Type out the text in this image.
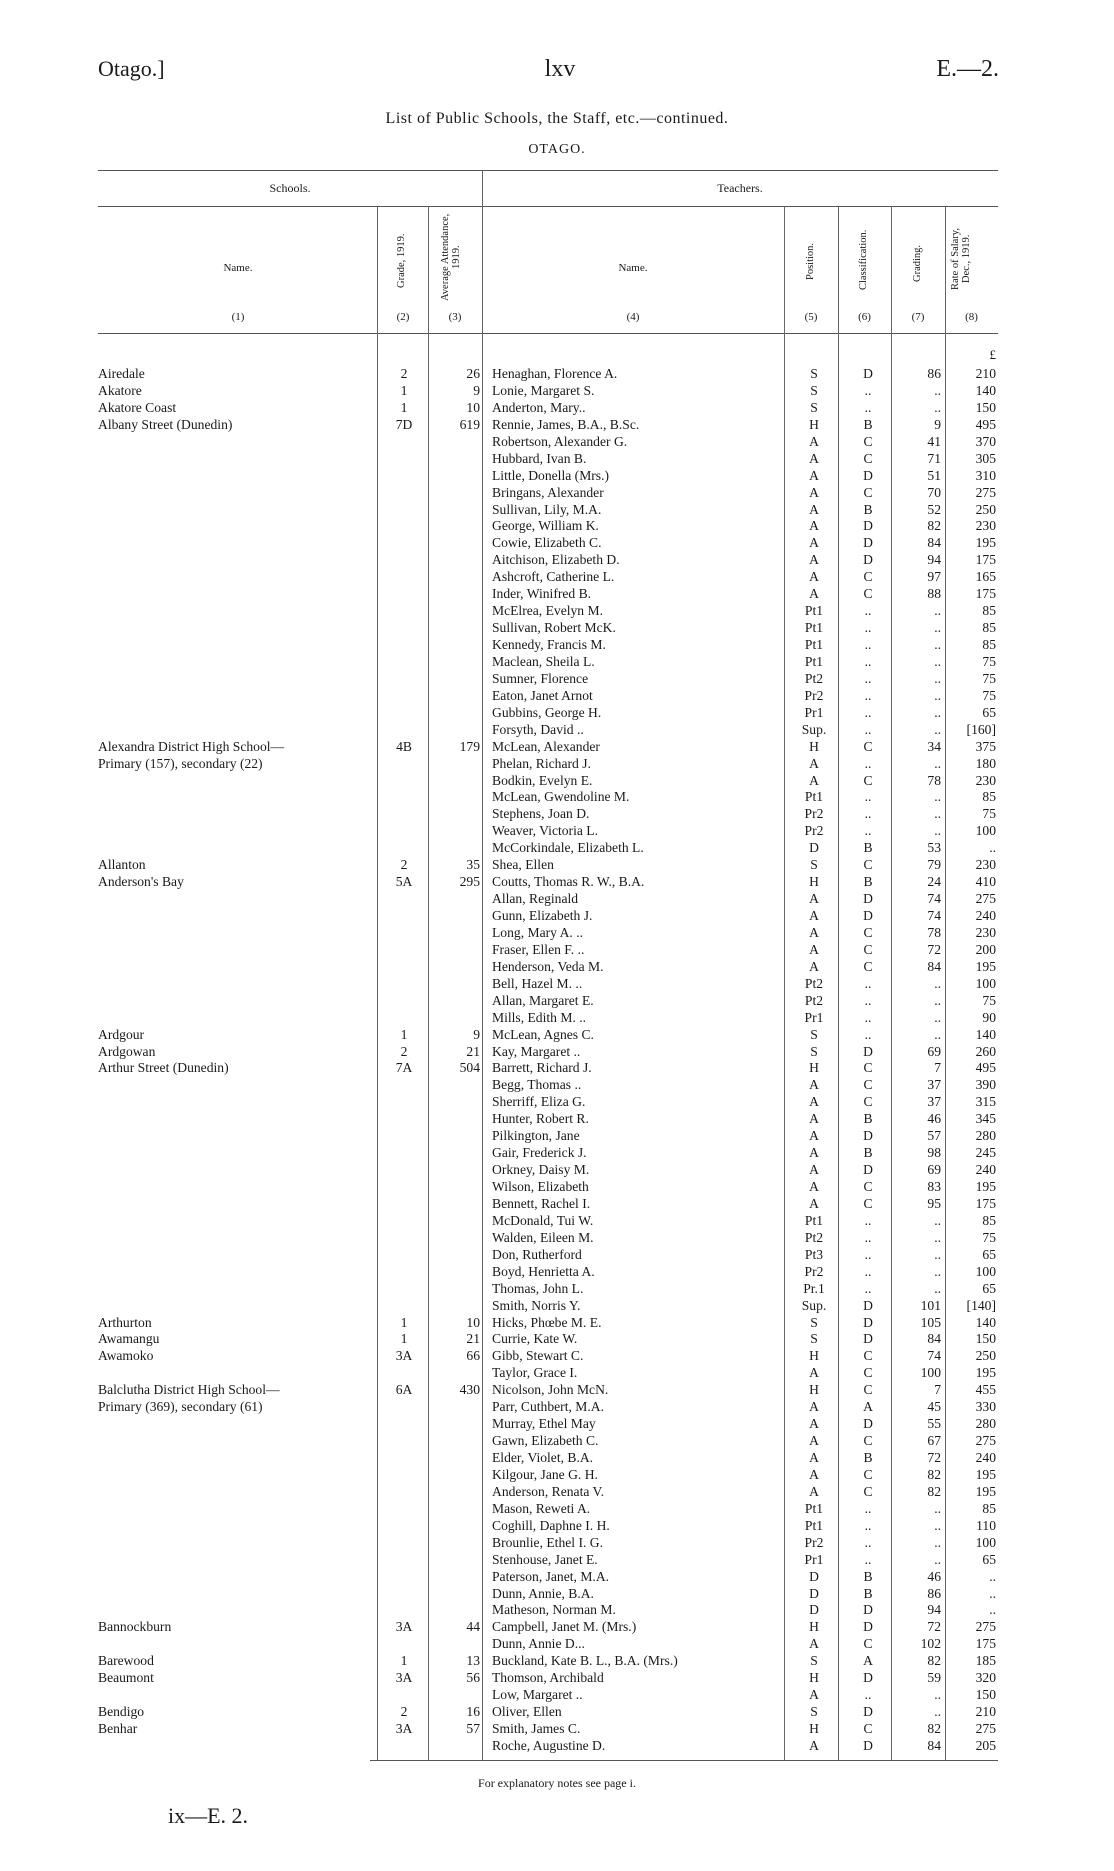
Otago.]	lxv	E.—2.
List of Public Schools, the Staff, etc.—continued.
OTAGO.
Schools.	Teachers.
Name.	Grade, 1919.	Average Attendance, 1919.	Name.	Position.	Classification.	Grading.	Rate of Salary, Dec., 1919.
(1)	(2)	(3)	(4)	(5)	(6)	(7)	(8)
£
Airedale	2	26 Henaghan, Florence A.	S	D	86	210
Akatore	1	9 Lonie, Margaret S.	S	..	..	140
Akatore Coast	1	10 Anderton, Mary..	S	..	..	150
Albany Street (Dunedin)	7D	619 Rennie, James, B.A., B.Sc.	H	B	9	495
Robertson, Alexander G.	A	C	41	370
Hubbard, Ivan B.	A	C	71	305
Little, Donella (Mrs.)	A	D	51	310
Bringans, Alexander	A	C	70	275
Sullivan, Lily, M.A.	A	B	52	250
George, William K.	A	D	82	230
Cowie, Elizabeth C.	A	D	84	195
Aitchison, Elizabeth D.	A	D	94	175
Ashcroft, Catherine L.	A	C	97	165
Inder, Winifred B.	A	C	88	175
McElrea, Evelyn M.	Pt1	..	..	85
Sullivan, Robert McK.	Pt1	..	..	85
Kennedy, Francis M.	Pt1	..	..	85
Maclean, Sheila L.	Pt1	..	..	75
Sumner, Florence	Pt2	..	..	75
Eaton, Janet Arnot	Pr2	..	..	75
Gubbins, George H.	Pr1	..	..	65
Forsyth, David ..	Sup.	..	..	[160]
Alexandra District High School—	4B	179 McLean, Alexander	H	C	34	375
Primary (157), secondary (22)	Phelan, Richard J.	A	..	..	180
Bodkin, Evelyn E.	A	C	78	230
McLean, Gwendoline M.	Pt1	..	..	85
Stephens, Joan D.	Pr2	..	..	75
Weaver, Victoria L.	Pr2	..	..	100
McCorkindale, Elizabeth L.	D	B	53	..
Allanton	2	35 Shea, Ellen	S	C	79	230
Anderson's Bay	5A	295 Coutts, Thomas R. W., B.A.	H	B	24	410
Allan, Reginald	A	D	74	275
Gunn, Elizabeth J.	A	D	74	240
Long, Mary A. ..	A	C	78	230
Fraser, Ellen F. ..	A	C	72	200
Henderson, Veda M.	A	C	84	195
Bell, Hazel M. ..	Pt2	..	..	100
Allan, Margaret E.	Pt2	..	..	75
Mills, Edith M. ..	Pr1	..	..	90
Ardgour	1	9 McLean, Agnes C.	S	..	..	140
Ardgowan	2	21 Kay, Margaret ..	S	D	69	260
Arthur Street (Dunedin)	7A	504 Barrett, Richard J.	H	C	7	495
Begg, Thomas ..	A	C	37	390
Sherriff, Eliza G.	A	C	37	315
Hunter, Robert R.	A	B	46	345
Pilkington, Jane	A	D	57	280
Gair, Frederick J.	A	B	98	245
Orkney, Daisy M.	A	D	69	240
Wilson, Elizabeth	A	C	83	195
Bennett, Rachel I.	A	C	95	175
McDonald, Tui W.	Pt1	..	..	85
Walden, Eileen M.	Pt2	..	..	75
Don, Rutherford	Pt3	..	..	65
Boyd, Henrietta A.	Pr2	..	..	100
Thomas, John L.	Pr.1	..	..	65
Smith, Norris Y.	Sup.	D	101	[140]
Arthurton	1	10 Hicks, Phœbe M. E.	S	D	105	140
Awamangu	1	21 Currie, Kate W.	S	D	84	150
Awamoko	3A	66 Gibb, Stewart C.	H	C	74	250
Taylor, Grace I.	A	C	100	195
Balclutha District High School—	6A	430 Nicolson, John McN.	H	C	7	455
Primary (369), secondary (61)	Parr, Cuthbert, M.A.	A	A	45	330
Murray, Ethel May	A	D	55	280
Gawn, Elizabeth C.	A	C	67	275
Elder, Violet, B.A.	A	B	72	240
Kilgour, Jane G. H.	A	C	82	195
Anderson, Renata V.	A	C	82	195
Mason, Reweti A.	Pt1	..	..	85
Coghill, Daphne I. H.	Pt1	..	..	110
Brounlie, Ethel I. G.	Pr2	..	..	100
Stenhouse, Janet E.	Pr1	..	..	65
Paterson, Janet, M.A.	D	B	46	..
Dunn, Annie, B.A.	D	B	86	..
Matheson, Norman M.	D	D	94	..
Bannockburn	3A	44 Campbell, Janet M. (Mrs.)	H	D	72	275
Dunn, Annie D...	A	C	102	175
Barewood	1	13 Buckland, Kate B. L., B.A. (Mrs.)	S	A	82	185
Beaumont	3A	56 Thomson, Archibald	H	D	59	320
Low, Margaret ..	A	..	..	150
Bendigo	2	16 Oliver, Ellen	S	D	..	210
Benhar	3A	57 Smith, James C.	H	C	82	275
Roche, Augustine D.	A	D	84	205
For explanatory notes see page i.
ix—E. 2.
